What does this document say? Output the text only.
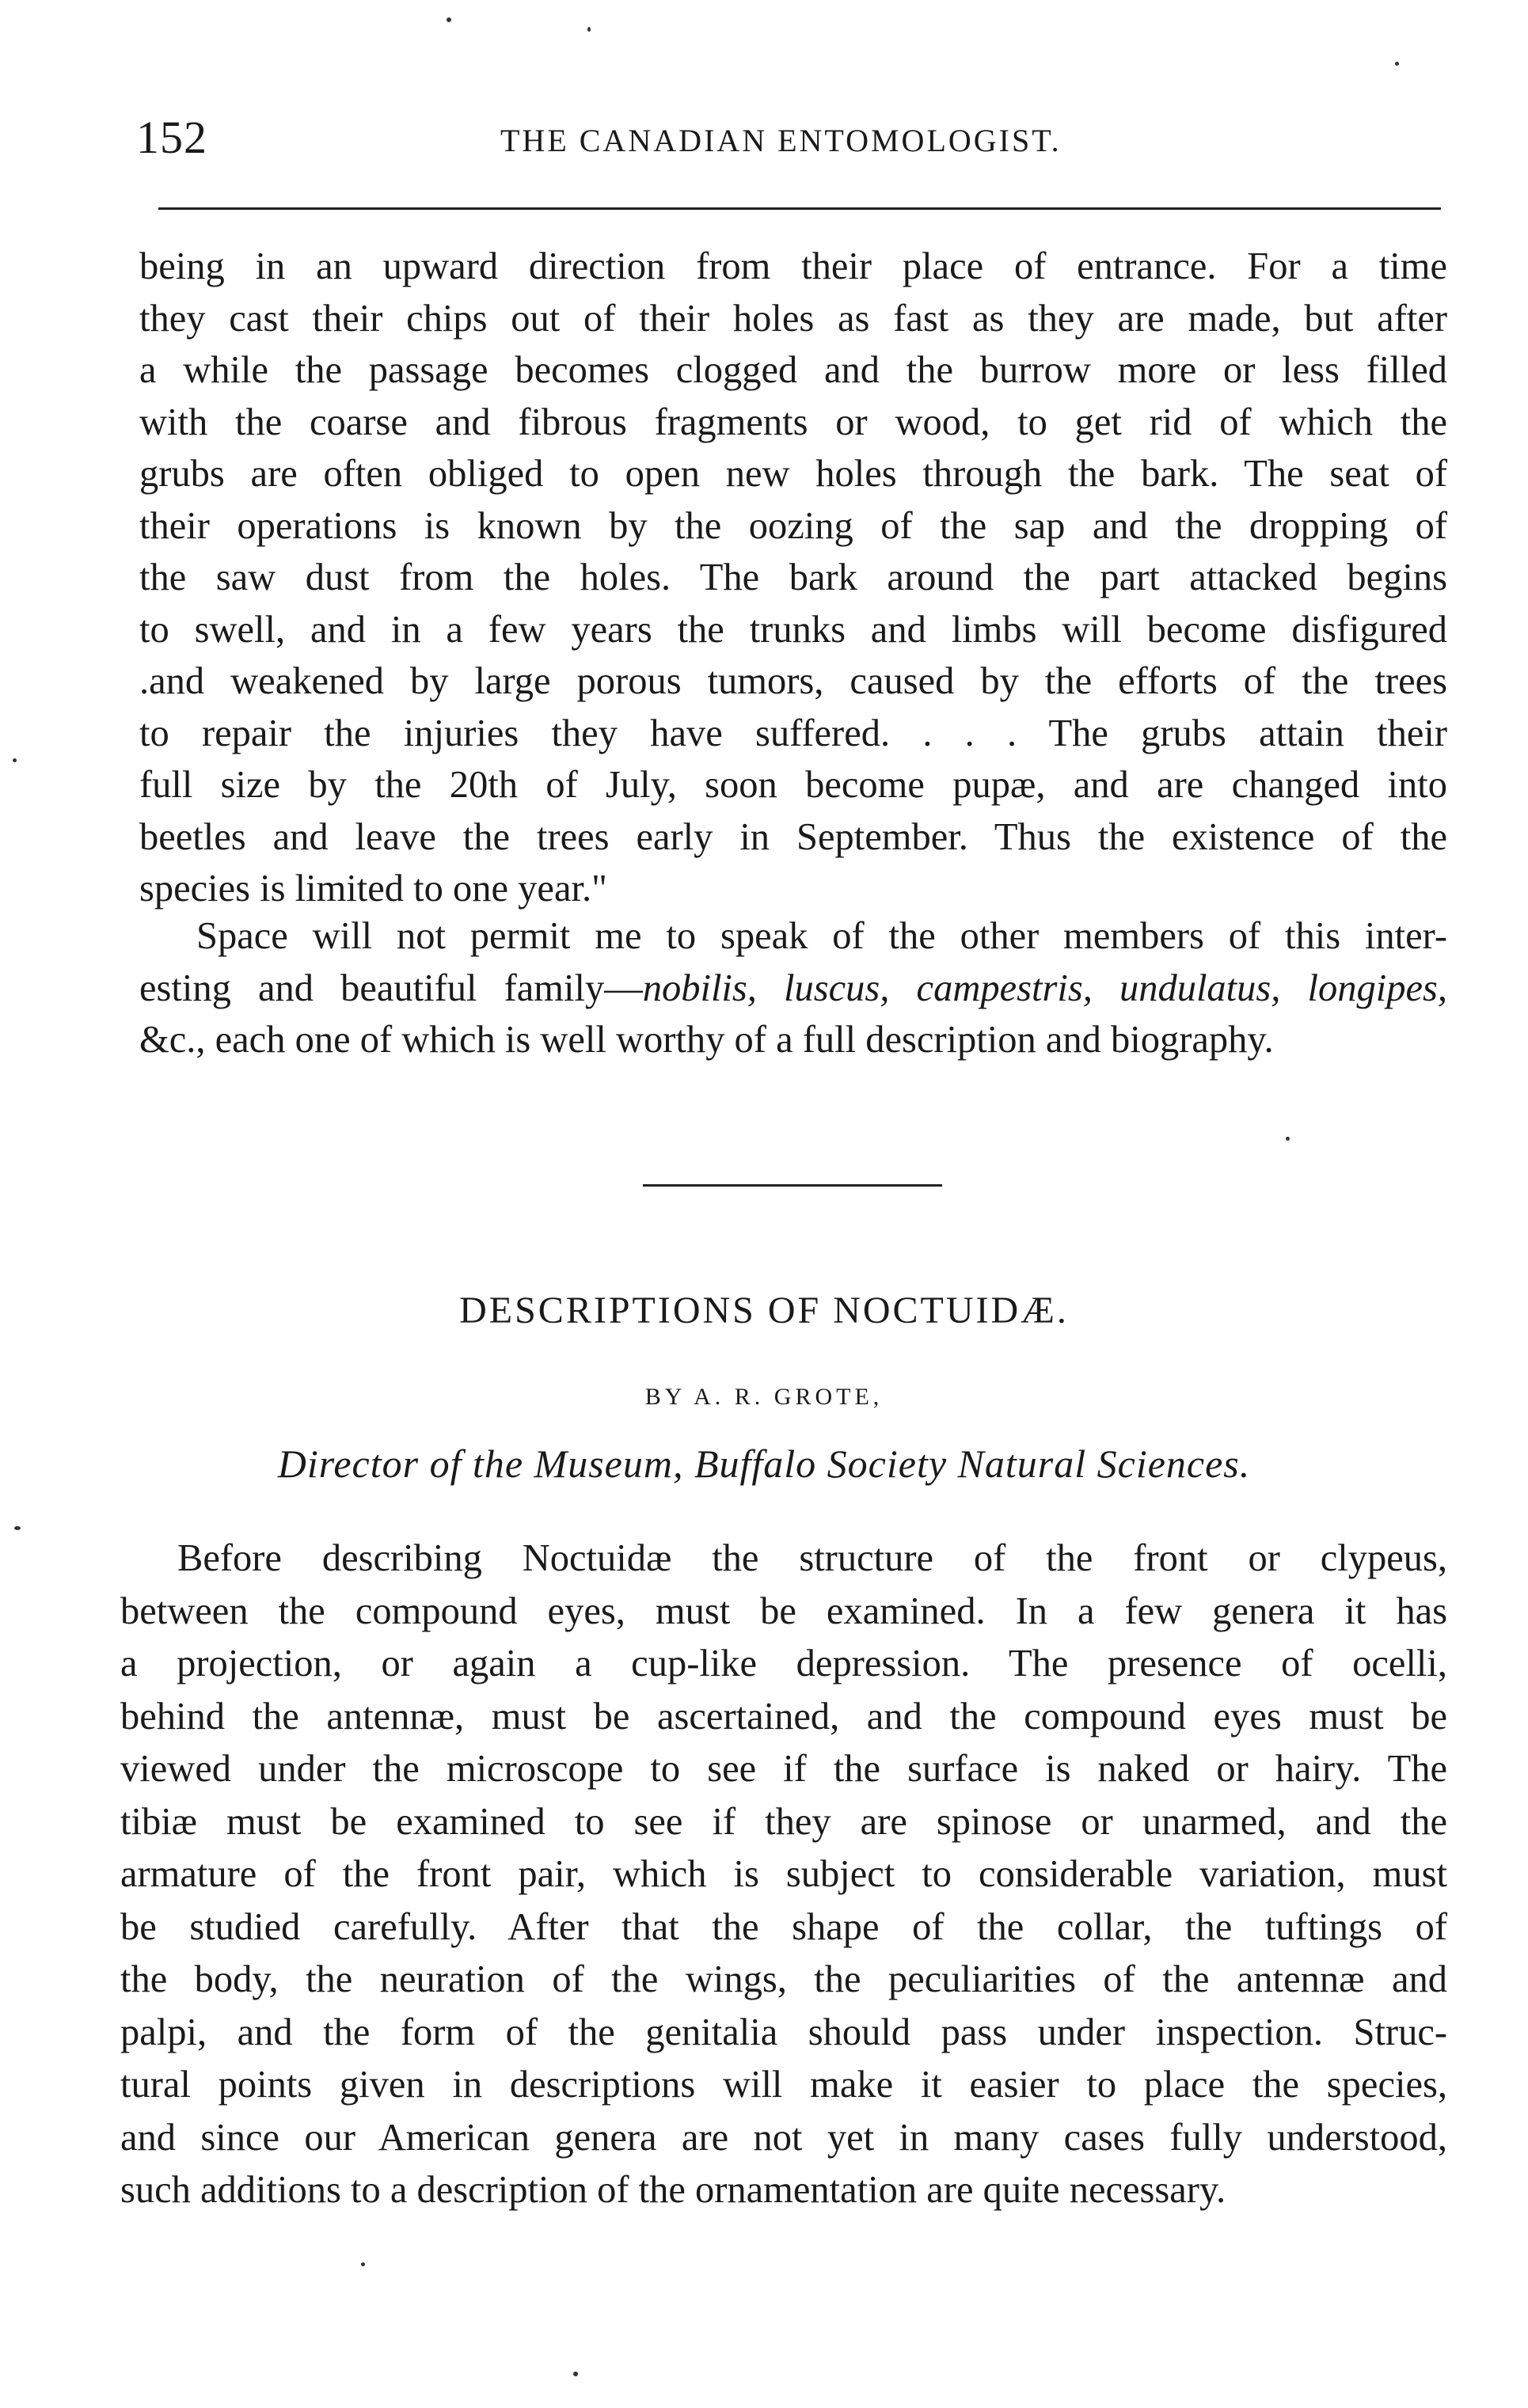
152	THE CANADIAN ENTOMOLOGIST.
being in an upward direction from their place of entrance. For a time
they cast their chips out of their holes as fast as they are made, but after
a while the passage becomes clogged and the burrow more or less filled
with the coarse and fibrous fragments or wood, to get rid of which the
grubs are often obliged to open new holes through the bark. The seat of
their operations is known by the oozing of the sap and the dropping of
the saw dust from the holes. The bark around the part attacked begins
to swell, and in a few years the trunks and limbs will become disfigured
.and weakened by large porous tumors, caused by the efforts of the trees
to repair the injuries they have suffered. . . . The grubs attain their
full size by the 20th of July, soon become pupæ, and are changed into
beetles and leave the trees early in September. Thus the existence of the
species is limited to one year."
Space will not permit me to speak of the other members of this inter-
esting and beautiful family—nobilis, luscus, campestris, undulatus, longipes,
&c., each one of which is well worthy of a full description and biography.
DESCRIPTIONS OF NOCTUIDÆ.
BY A. R. GROTE,
Director of the Museum, Buffalo Society Natural Sciences.
Before describing Noctuidæ the structure of the front or clypeus,
between the compound eyes, must be examined. In a few genera it has
a projection, or again a cup-like depression. The presence of ocelli,
behind the antennæ, must be ascertained, and the compound eyes must be
viewed under the microscope to see if the surface is naked or hairy. The
tibiæ must be examined to see if they are spinose or unarmed, and the
armature of the front pair, which is subject to considerable variation, must
be studied carefully. After that the shape of the collar, the tuftings of
the body, the neuration of the wings, the peculiarities of the antennæ and
palpi, and the form of the genitalia should pass under inspection. Struc-
tural points given in descriptions will make it easier to place the species,
and since our American genera are not yet in many cases fully understood,
such additions to a description of the ornamentation are quite necessary.
